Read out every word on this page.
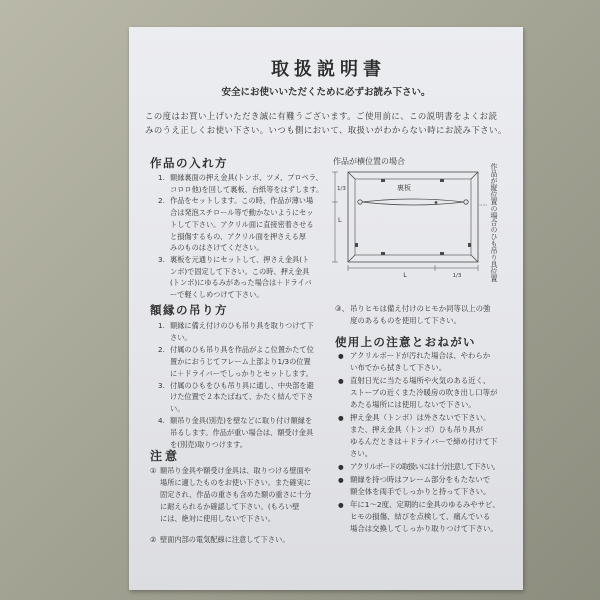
取扱説明書
安全にお使いいただくために必ずお読み下さい。
この度はお買い上げいただき誠に有難うございます。ご使用前に、この説明書をよくお読
みのうえ正しくお使い下さい。いつも側において、取扱いがわからない時にお読み下さい。
作品の入れ方
1. 額縁裏面の押え金具(トンボ、ツメ、プロペラ、
コロロ他)を回して裏板、台紙等をはずします。
2. 作品をセットします。この時、作品が薄い場
合は発泡スチロール等で動かないようにセッ
トして下さい。アクリル面に直接密着させる
と損傷するもの、アクリル面を押さえる厚
みのものはさけてください。
3. 裏板を元通りにセットして、押さえ金具(ト
ンボ)で固定して下さい。この時、押え金具
(トンボ)にゆるみがあった場合は＋ドライバ
ーで軽くしめつけて下さい。
額縁の吊り方
1. 額縁に備え付けのひも吊り具を取りつけて下
さい。
2. 付属のひも吊り具を作品がよこ位置かたて位
置かにおうじてフレーム上部より1/3の位置
に＋ドライバーでしっかりとセットします。
3. 付属のひもをひも吊り具に通し、中央部を避
けた位置で２本たばねて、かたく結んで下さ
い。
4. 額吊り金具(別売)を壁などに取り付け額縁を
吊るします。作品が重い場合は、額受け金具
を(別売)取りつけます。
注意
① 額吊り金具や額受け金具は、取りつける壁面や
場所に適したものをお使い下さい。また確実に
固定され、作品の重さも含めた額の重さに十分
に耐えられるか確認して下さい。(もろい壁
には、絶対に使用しないで下さい。
② 壁面内部の電気配線に注意して下さい。
作品が横位置の場合
裏板
1/3
L
L	1/3	作品が縦位置の場合のひも吊り具位置
③、 吊りヒモは備え付けのヒモか同等以上の強
度のあるものを使用して下さい。
使用上の注意とおねがい
● アクリルボードが汚れた場合は、やわらか
い布でから拭きして下さい。
● 直射日光に当たる場所や火気のある近く、
ストーブの近くまた冷暖房の吹き出し口等が
あたる場所には使用しないで下さい。
● 押え金具（トンボ）は外さないで下さい。
また、押え金具（トンボ）ひも吊り具が
ゆるんだときは＋ドライバーで締め付けて下
さい。
● アクリルボードの取扱いには十分注意して下さい。
● 額縁を持つ時はフレーム部分をもたないで
額全体を両手でしっかりと持って下さい。
● 年に1〜2度、定期的に金具のゆるみやサビ、
ヒモの損傷、結びを点検して、痛んでいる
場合は交換してしっかり取りつけて下さい。
